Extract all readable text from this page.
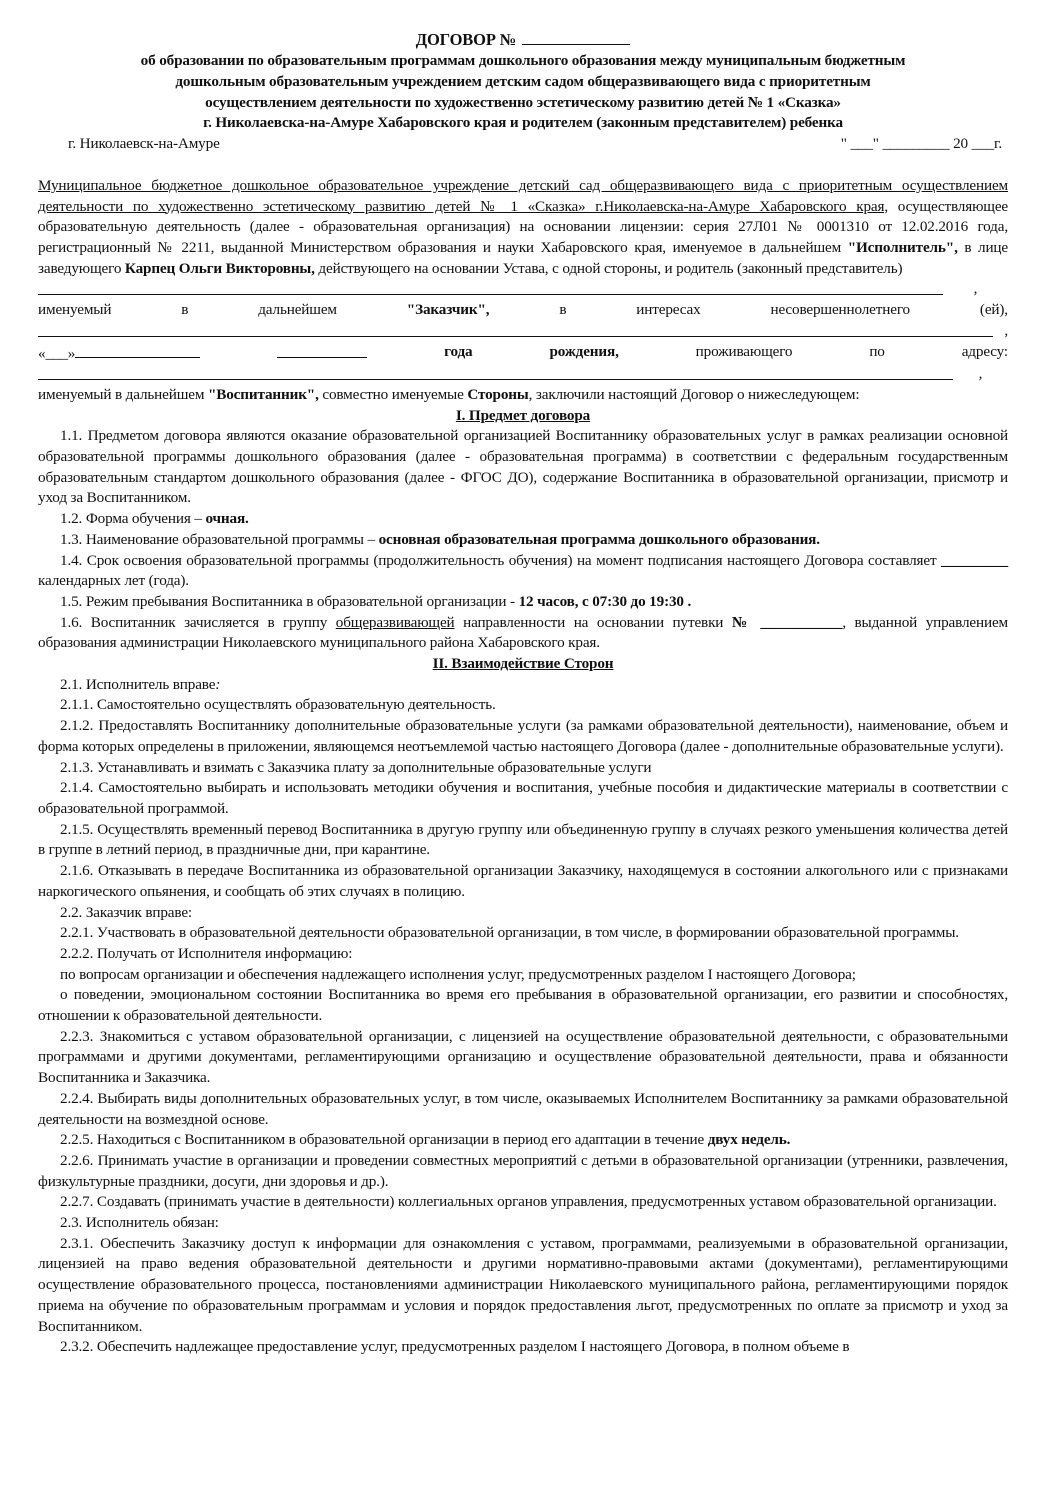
ДОГОВОР №
об образовании по образовательным программам дошкольного образования между муниципальным бюджетным
дошкольным образовательным учреждением детским садом общеразвивающего вида с приоритетным
осуществлением деятельности по художественно эстетическому развитию детей № 1 «Сказка»
г. Николаевска-на-Амуре Хабаровского края и родителем (законным представителем) ребенка
г. Николаевск-на-Амуре	" ___" _________ 20 ___г.
Муниципальное бюджетное дошкольное образовательное учреждение детский сад общеразвивающего вида с приоритетным осуществлением деятельности по художественно эстетическому развитию детей № 1 «Сказка» г.Николаевска-на-Амуре Хабаровского края, осуществляющее образовательную деятельность (далее - образовательная организация) на основании лицензии: серия 27Л01 № 0001310 от 12.02.2016 года, регистрационный № 2211, выданной Министерством образования и науки Хабаровского края, именуемое в дальнейшем "Исполнитель", в лице заведующего Карпец Ольги Викторовны, действующего на основании Устава, с одной стороны, и родитель (законный представитель)
,
именуемый	в	дальнейшем	"Заказчик",	в	интересах	несовершеннолетнего	(ей),
,
«___»	года	рождения,	проживающего	по	адресу:
,
именуемый в дальнейшем "Воспитанник", совместно именуемые Стороны, заключили настоящий Договор о нижеследующем:
I. Предмет договора
1.1. Предметом договора являются оказание образовательной организацией Воспитаннику образовательных услуг в рамках реализации основной образовательной программы дошкольного образования (далее - образовательная программа) в соответствии с федеральным государственным образовательным стандартом дошкольного образования (далее - ФГОС ДО), содержание Воспитанника в образовательной организации, присмотр и уход за Воспитанником.
1.2. Форма обучения – очная.
1.3. Наименование образовательной программы – основная образовательная программа дошкольного образования.
1.4. Срок освоения образовательной программы (продолжительность обучения) на момент подписания настоящего Договора составляет _________ календарных лет (года).
1.5. Режим пребывания Воспитанника в образовательной организации - 12 часов, с 07:30 до 19:30 .
1.6. Воспитанник зачисляется в группу общеразвивающей направленности на основании путевки № ___________, выданной управлением образования администрации Николаевского муниципального района Хабаровского края.
II. Взаимодействие Сторон
2.1. Исполнитель вправе:
2.1.1. Самостоятельно осуществлять образовательную деятельность.
2.1.2. Предоставлять Воспитаннику дополнительные образовательные услуги (за рамками образовательной деятельности), наименование, объем и форма которых определены в приложении, являющемся неотъемлемой частью настоящего Договора (далее - дополнительные образовательные услуги).
2.1.3. Устанавливать и взимать с Заказчика плату за дополнительные образовательные услуги
2.1.4. Самостоятельно выбирать и использовать методики обучения и воспитания, учебные пособия и дидактические материалы в соответствии с образовательной программой.
2.1.5. Осуществлять временный перевод Воспитанника в другую группу или объединенную группу в случаях резкого уменьшения количества детей в группе в летний период, в праздничные дни, при карантине.
2.1.6. Отказывать в передаче Воспитанника из образовательной организации Заказчику, находящемуся в состоянии алкогольного или с признаками наркогического опьянения, и сообщать об этих случаях в полицию.
2.2. Заказчик вправе:
2.2.1. Участвовать в образовательной деятельности образовательной организации, в том числе, в формировании образовательной программы.
2.2.2. Получать от Исполнителя информацию:
по вопросам организации и обеспечения надлежащего исполнения услуг, предусмотренных разделом I настоящего Договора;
о поведении, эмоциональном состоянии Воспитанника во время его пребывания в образовательной организации, его развитии и способностях, отношении к образовательной деятельности.
2.2.3. Знакомиться с уставом образовательной организации, с лицензией на осуществление образовательной деятельности, с образовательными программами и другими документами, регламентирующими организацию и осуществление образовательной деятельности, права и обязанности Воспитанника и Заказчика.
2.2.4. Выбирать виды дополнительных образовательных услуг, в том числе, оказываемых Исполнителем Воспитаннику за рамками образовательной деятельности на возмездной основе.
2.2.5. Находиться с Воспитанником в образовательной организации в период его адаптации в течение двух недель.
2.2.6. Принимать участие в организации и проведении совместных мероприятий с детьми в образовательной организации (утренники, развлечения, физкультурные праздники, досуги, дни здоровья и др.).
2.2.7. Создавать (принимать участие в деятельности) коллегиальных органов управления, предусмотренных уставом образовательной организации.
2.3. Исполнитель обязан:
2.3.1. Обеспечить Заказчику доступ к информации для ознакомления с уставом, программами, реализуемыми в образовательной организации, лицензией на право ведения образовательной деятельности и другими нормативно-правовыми актами (документами), регламентирующими осуществление образовательного процесса, постановлениями администрации Николаевского муниципального района, регламентирующими порядок приема на обучение по образовательным программам и условия и порядок предоставления льгот, предусмотренных по оплате за присмотр и уход за Воспитанником.
2.3.2. Обеспечить надлежащее предоставление услуг, предусмотренных разделом I настоящего Договора, в полном объеме в
